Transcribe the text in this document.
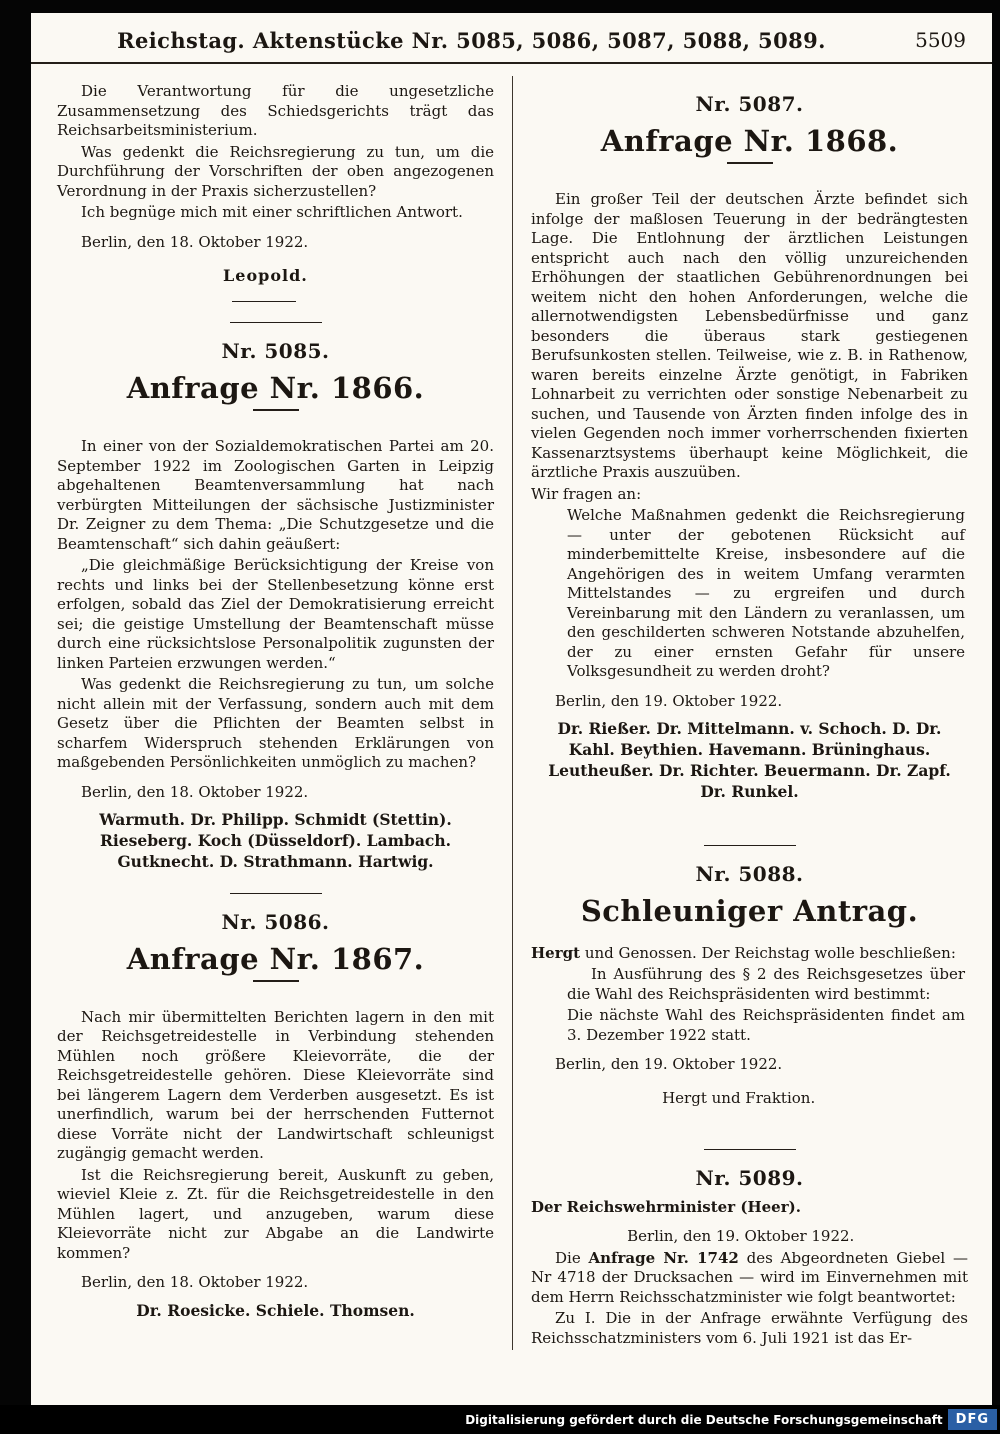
Reichstag. Aktenstücke Nr. 5085, 5086, 5087, 5088, 5089.	5509

Die Verantwortung für die ungesetzliche Zusammensetzung des Schiedsgerichts trägt das Reichsarbeitsministerium.

Was gedenkt die Reichsregierung zu tun, um die Durchführung der Vorschriften der oben angezogenen Verordnung in der Praxis sicherzustellen?

Ich begnüge mich mit einer schriftlichen Antwort.

Berlin, den 18. Oktober 1922.

Leopold.

Nr. 5085.
Anfrage Nr. 1866.

In einer von der Sozialdemokratischen Partei am 20. September 1922 im Zoologischen Garten in Leipzig abgehaltenen Beamtenversammlung hat nach verbürgten Mitteilungen der sächsische Justizminister Dr. Zeigner zu dem Thema: „Die Schutzgesetze und die Beamtenschaft“ sich dahin geäußert:

„Die gleichmäßige Berücksichtigung der Kreise von rechts und links bei der Stellenbesetzung könne erst erfolgen, sobald das Ziel der Demokratisierung erreicht sei; die geistige Umstellung der Beamtenschaft müsse durch eine rücksichtslose Personalpolitik zugunsten der linken Parteien erzwungen werden.“

Was gedenkt die Reichsregierung zu tun, um solche nicht allein mit der Verfassung, sondern auch mit dem Gesetz über die Pflichten der Beamten selbst in scharfem Widerspruch stehenden Erklärungen von maßgebenden Persönlichkeiten unmöglich zu machen?

Berlin, den 18. Oktober 1922.

Warmuth. Dr. Philipp. Schmidt (Stettin). Rieseberg. Koch (Düsseldorf). Lambach. Gutknecht. D. Strathmann. Hartwig.

Nr. 5086.
Anfrage Nr. 1867.

Nach mir übermittelten Berichten lagern in den mit der Reichsgetreidestelle in Verbindung stehenden Mühlen noch größere Kleievorräte, die der Reichsgetreidestelle gehören. Diese Kleievorräte sind bei längerem Lagern dem Verderben ausgesetzt. Es ist unerfindlich, warum bei der herrschenden Futternot diese Vorräte nicht der Landwirtschaft schleunigst zugängig gemacht werden.

Ist die Reichsregierung bereit, Auskunft zu geben, wieviel Kleie z. Zt. für die Reichsgetreidestelle in den Mühlen lagert, und anzugeben, warum diese Kleievorräte nicht zur Abgabe an die Landwirte kommen?

Berlin, den 18. Oktober 1922.

Dr. Roesicke. Schiele. Thomsen.

Nr. 5087.
Anfrage Nr. 1868.

Ein großer Teil der deutschen Ärzte befindet sich infolge der maßlosen Teuerung in der bedrängtesten Lage. Die Entlohnung der ärztlichen Leistungen entspricht auch nach den völlig unzureichenden Erhöhungen der staatlichen Gebührenordnungen bei weitem nicht den hohen Anforderungen, welche die allernotwendigsten Lebensbedürfnisse und ganz besonders die überaus stark gestiegenen Berufsunkosten stellen. Teilweise, wie z. B. in Rathenow, waren bereits einzelne Ärzte genötigt, in Fabriken Lohnarbeit zu verrichten oder sonstige Nebenarbeit zu suchen, und Tausende von Ärzten finden infolge des in vielen Gegenden noch immer vorherrschenden fixierten Kassenarztsystems überhaupt keine Möglichkeit, die ärztliche Praxis auszuüben.

Wir fragen an:

Welche Maßnahmen gedenkt die Reichsregierung — unter der gebotenen Rücksicht auf minderbemittelte Kreise, insbesondere auf die Angehörigen des in weitem Umfang verarmten Mittelstandes — zu ergreifen und durch Vereinbarung mit den Ländern zu veranlassen, um den geschilderten schweren Notstande abzuhelfen, der zu einer ernsten Gefahr für unsere Volksgesundheit zu werden droht?

Berlin, den 19. Oktober 1922.

Dr. Rießer. Dr. Mittelmann. v. Schoch. D. Dr. Kahl. Beythien. Havemann. Brüninghaus. Leutheußer. Dr. Richter. Beuermann. Dr. Zapf. Dr. Runkel.

Nr. 5088.
Schleuniger Antrag.

Hergt und Genossen. Der Reichstag wolle beschließen:

In Ausführung des § 2 des Reichsgesetzes über die Wahl des Reichspräsidenten wird bestimmt:

Die nächste Wahl des Reichspräsidenten findet am 3. Dezember 1922 statt.

Berlin, den 19. Oktober 1922.

Hergt und Fraktion.

Nr. 5089.

Der Reichswehrminister (Heer).

Berlin, den 19. Oktober 1922.

Die Anfrage Nr. 1742 des Abgeordneten Giebel — Nr 4718 der Drucksachen — wird im Einvernehmen mit dem Herrn Reichsschatzminister wie folgt beantwortet:

Zu I. Die in der Anfrage erwähnte Verfügung des Reichsschatzministers vom 6. Juli 1921 ist das Er-

Digitalisierung gefördert durch die Deutsche Forschungsgemeinschaft	DFG
